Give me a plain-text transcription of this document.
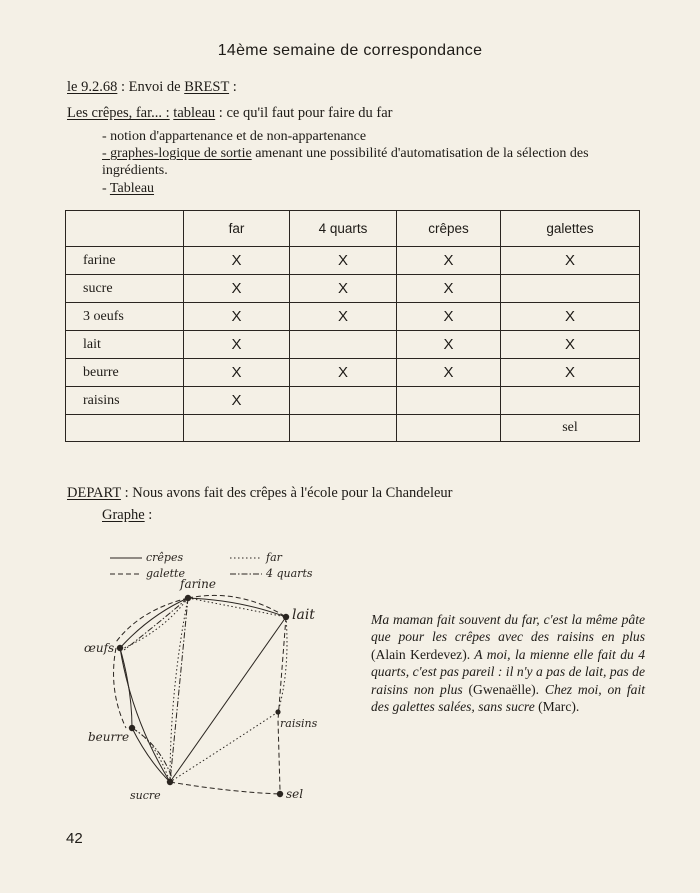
14ème semaine de correspondance
le 9.2.68 : Envoi de BREST :
Les crêpes, far... : tableau : ce qu'il faut pour faire du far
- notion d'appartenance et de non-appartenance
- graphes-logique de sortie amenant une possibilité d'automatisation de la sélection des ingrédients.
- Tableau
	far	4 quarts	crêpes	galettes
farine	X	X	X	X
sucre	X	X	X	
3 oeufs	X	X	X	X
lait	X		X	X
beurre	X	X	X	X
raisins	X			
				sel
DEPART : Nous avons fait des crêpes à l'école pour la Chandeleur
Graphe :
crêpes
galette
far
4 quarts
farine
lait
œufs
beurre
raisins
sucre	sel
Ma maman fait souvent du far, c'est la même pâte que pour les crêpes avec des raisins en plus (Alain Kerdevez). A moi, la mienne elle fait du 4 quarts, c'est pas pareil : il n'y a pas de lait, pas de raisins non plus (Gwenaëlle). Chez moi, on fait des galettes salées, sans sucre (Marc).
42
